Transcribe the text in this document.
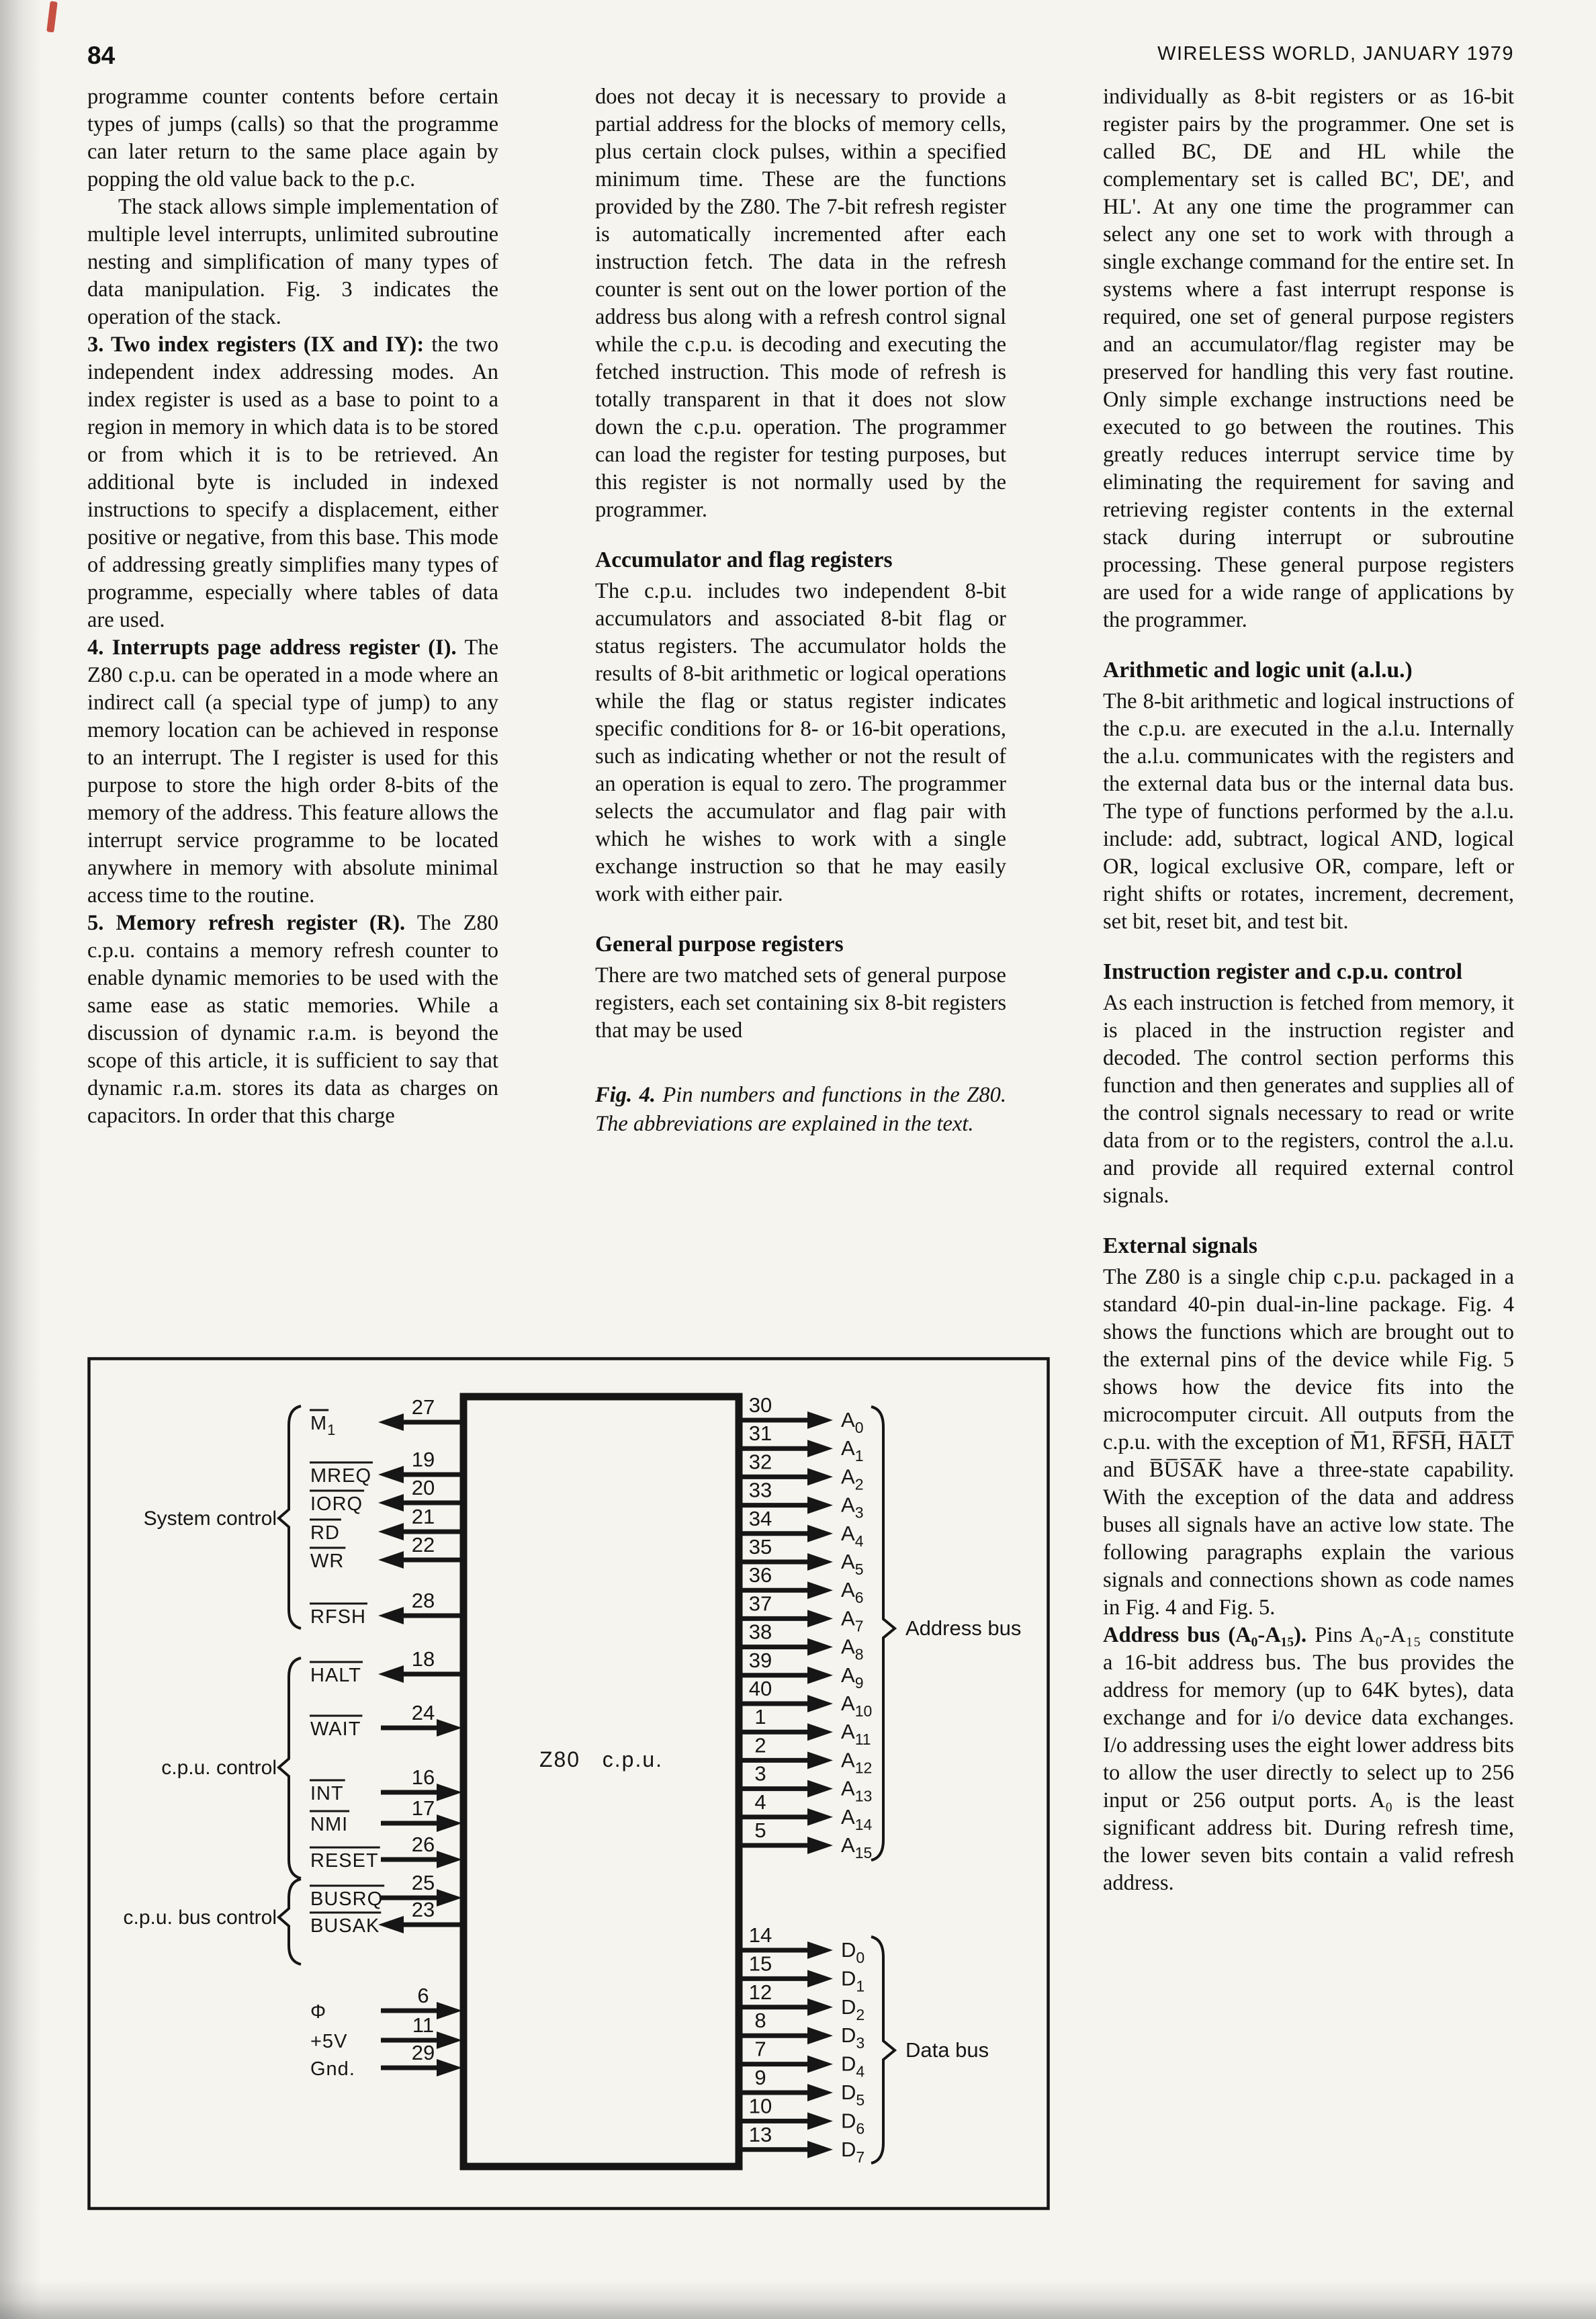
84	WIRELESS WORLD, JANUARY 1979

programme counter contents before certain types of jumps (calls) so that the programme can later return to the same place again by popping the old value back to the p.c.

The stack allows simple implementation of multiple level interrupts, unlimited subroutine nesting and simplification of many types of data manipulation. Fig. 3 indicates the operation of the stack.

3. Two index registers (IX and IY): the two independent index addressing modes. An index register is used as a base to point to a region in memory in which data is to be stored or from which it is to be retrieved. An additional byte is included in indexed instructions to specify a displacement, either positive or negative, from this base. This mode of addressing greatly simplifies many types of programme, especially where tables of data are used.

4. Interrupts page address register (I). The Z80 c.p.u. can be operated in a mode where an indirect call (a special type of jump) to any memory location can be achieved in response to an interrupt. The I register is used for this purpose to store the high order 8-bits of the memory of the address. This feature allows the interrupt service programme to be located anywhere in memory with absolute minimal access time to the routine.

5. Memory refresh register (R). The Z80 c.p.u. contains a memory refresh counter to enable dynamic memories to be used with the same ease as static memories. While a discussion of dynamic r.a.m. is beyond the scope of this article, it is sufficient to say that dynamic r.a.m. stores its data as charges on capacitors. In order that this charge

does not decay it is necessary to provide a partial address for the blocks of memory cells, plus certain clock pulses, within a specified minimum time. These are the functions provided by the Z80. The 7-bit refresh register is automatically incremented after each instruction fetch. The data in the refresh counter is sent out on the lower portion of the address bus along with a refresh control signal while the c.p.u. is decoding and executing the fetched instruction. This mode of refresh is totally transparent in that it does not slow down the c.p.u. operation. The programmer can load the register for testing purposes, but this register is not normally used by the programmer.

Accumulator and flag registers

The c.p.u. includes two independent 8-bit accumulators and associated 8-bit flag or status registers. The accumulator holds the results of 8-bit arithmetic or logical operations while the flag or status register indicates specific conditions for 8- or 16-bit operations, such as indicating whether or not the result of an operation is equal to zero. The programmer selects the accumulator and flag pair with which he wishes to work with a single exchange instruction so that he may easily work with either pair.

General purpose registers

There are two matched sets of general purpose registers, each set containing six 8-bit registers that may be used

Fig. 4. Pin numbers and functions in the Z80. The abbreviations are explained in the text.

individually as 8-bit registers or as 16-bit register pairs by the programmer. One set is called BC, DE and HL while the complementary set is called BC', DE', and HL'. At any one time the programmer can select any one set to work with through a single exchange command for the entire set. In systems where a fast interrupt response is required, one set of general purpose registers and an accumulator/flag register may be preserved for handling this very fast routine. Only simple exchange instructions need be executed to go between the routines. This greatly reduces interrupt service time by eliminating the requirement for saving and retrieving register contents in the external stack during interrupt or subroutine processing. These general purpose registers are used for a wide range of applications by the programmer.

Arithmetic and logic unit (a.l.u.)

The 8-bit arithmetic and logical instructions of the c.p.u. are executed in the a.l.u. Internally the a.l.u. communicates with the registers and the external data bus or the internal data bus. The type of functions performed by the a.l.u. include: add, subtract, logical AND, logical OR, logical exclusive OR, compare, left or right shifts or rotates, increment, decrement, set bit, reset bit, and test bit.

Instruction register and c.p.u. control

As each instruction is fetched from memory, it is placed in the instruction register and decoded. The control section performs this function and then generates and supplies all of the control signals necessary to read or write data from or to the registers, control the a.l.u. and provide all required external control signals.

External signals

The Z80 is a single chip c.p.u. packaged in a standard 40-pin dual-in-line package. Fig. 4 shows the functions which are brought out to the external pins of the device while Fig. 5 shows how the device fits into the microcomputer circuit. All outputs from the c.p.u. with the exception of M̅1, R̅F̅S̅H̅, H̅A̅L̅T̅ and B̅U̅S̅A̅K̅ have a three-state capability. With the exception of the data and address buses all signals have an active low state. The following paragraphs explain the various signals and connections shown as code names in Fig. 4 and Fig. 5.

Address bus (A₀-A₁₅). Pins A₀-A₁₅ constitute a 16-bit address bus. The bus provides the address for memory (up to 64K bytes), data exchange and for i/o device data exchanges. I/o addressing uses the eight lower address bits to allow the user directly to select up to 256 input or 256 output ports. A₀ is the least significant address bit. During refresh time, the lower seven bits contain a valid refresh address.

Z80   c.p.u.
27
$M_1$
19
MREQ 20
IORQ
21
RD	22
WR
28
RFSH
18
HALT
24
WAIT
16
INT
17
NMI
26
RESET
25
BUSRQ 23
BUSAK
6
Φ
11
+5V	29
Gnd.
System control
c.p.u. control
c.p.u. bus control
30
$A_0$
31
$A_1$
32
$A_2$
33
$A_3$
34
$A_4$
35
$A_5$
36
$A_6$
37
$A_7$
38
$A_8$
39
$A_9$
40
$A_{10}$
1
$A_{11}$
2
$A_{12}$
3
$A_{13}$
4
$A_{14}$
5
$A_{15}$
Address bus
14
$D_0$
15
$D_1$
12
$D_2$
8
$D_3$
7
$D_4$
9
$D_5$
10
$D_6$
13
$D_7$
Data bus
